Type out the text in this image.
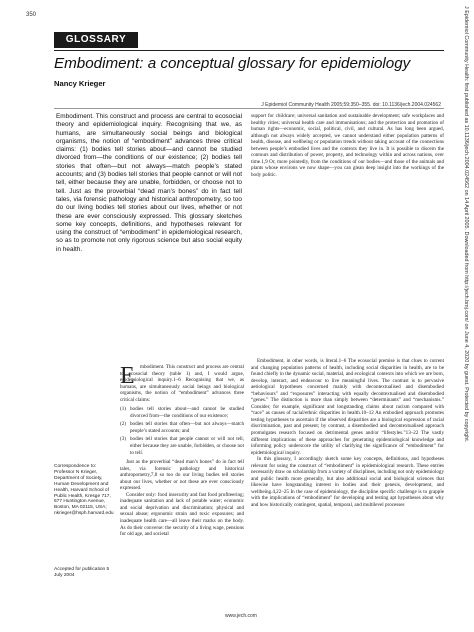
350
GLOSSARY
Embodiment: a conceptual glossary for epidemiology
Nancy Krieger
J Epidemiol Community Health 2005;59:350–355. doi: 10.1136/jech.2004.024562
Embodiment. This construct and process are central to ecosocial theory and epidemiological inquiry. Recognising that we, as humans, are simultaneously social beings and biological organisms, the notion of “embodiment” advances three critical claims: (1) bodies tell stories about—and cannot be studied divorced from—the conditions of our existence; (2) bodies tell stories that often—but not always—match people’s stated accounts; and (3) bodies tell stories that people cannot or will not tell, either because they are unable, forbidden, or choose not to tell. Just as the proverbial “dead man’s bones” do in fact tell tales, via forensic pathology and historical anthropometry, so too do our living bodies tell stories about our lives, whether or not these are ever consciously expressed. This glossary sketches some key concepts, definitions, and hypotheses relevant for using the construct of “embodiment” in epidemiological research, so as to promote not only rigorous science but also social equity in health.

support for childcare; universal sanitation and sustainable development; safe workplaces and healthy cities; universal health care and immunisations; and the protection and promotion of human rights—economic, social, political, civil, and cultural. As has long been argued, although not always widely accepted, we cannot understand either population patterns of health, disease, and wellbeing or population trends without taking account of the connections between people’s embodied lives and the contexts they live in. It is possible to discern the contours and distribution of power, property, and technology within and across nations, over time.1,9 Or, more pointedly, from the conditions of our bodies—and those of the animals and plants whose environs we now shape—you can glean deep insight into the workings of the body politic.

E	mbodiment. This construct and process are central to ecosocial theory (table 1) and, I would argue, epidemiological inquiry.1–6 Recognising that we, as humans, are simultaneously social beings and biological organisms, the notion of “embodiment” advances three critical claims:

(1) bodies tell stories about—and cannot be studied divorced from—the conditions of our existence;
(2) bodies tell stories that often—but not always—match people’s stated accounts; and
(3) bodies tell stories that people cannot or will not tell, either because they are unable, forbidden, or choose not to tell.

Just as the proverbial “dead man’s bones” do in fact tell tales, via forensic pathology and historical anthropometry,7,8 so too do our living bodies tell stories about our lives, whether or not these are ever consciously expressed.

Consider only: food insecurity and fast food profiteering; inadequate sanitation and lack of potable water; economic and social deprivation and discrimination; physical and sexual abuse; ergonomic strain and toxic exposures; and inadequate health care—all leave their marks on the body. As do their converse: the security of a living wage, pensions for old age, and societal

Embodiment, in other words, is literal.1–6 The ecosocial premise is that clues to current and changing population patterns of health, including social disparities in health, are to be found chiefly in the dynamic social, material, and ecological contexts into which we are born, develop, interact, and endeavour to live meaningful lives. The contrast is to pervasive aetiological hypotheses concerned mainly with decontextualised and disembodied “behaviours” and “exposures” interacting with equally decontextualised and disembodied “genes.” The distinction is more than simply between “determinants” and “mechanisms.” Consider, for example, significant and longstanding claims about racism compared with “race” as causes of racial/ethnic disparities in health.10–12 An embodied approach promotes testing hypotheses to ascertain if the observed disparities are a biological expression of racial discrimination, past and present; by contrast, a disembodied and decontextualised approach promulgates research focused on detrimental genes and/or “lifestyles.”13–22 The vastly different implications of these approaches for generating epidemiological knowledge and informing policy underscore the utility of clarifying the significance of “embodiment” for epidemiological inquiry.

In this glossary, I accordingly sketch some key concepts, definitions, and hypotheses relevant for using the construct of “embodiment” in epidemiological research. These entries necessarily draw on scholarship from a variety of disciplines, including not only epidemiology and public health more generally, but also additional social and biological sciences that likewise have longstanding interest in bodies and their genesis, development, and wellbeing.4,22–25 In the case of epidemiology, the discipline specific challenge is to grapple with the implications of “embodiment” for developing and testing apt hypotheses about why and how historically contingent, spatial, temporal, and multilevel processes

Correspondence to: Professor N Krieger, Department of Society, Human Development and Health, Harvard School of Public Health, Kresge 717, 677 Huntington Avenue, Boston, MA 02115, USA; nkrieger@hsph.harvard.edu
Accepted for publication 5 July 2004
www.jech.com
J Epidemiol Community Health: first published as 10.1136/jech.2004.024562 on 14 April 2005. Downloaded from http://jech.bmj.com/ on June 4, 2020 by guest. Protected by copyright.
